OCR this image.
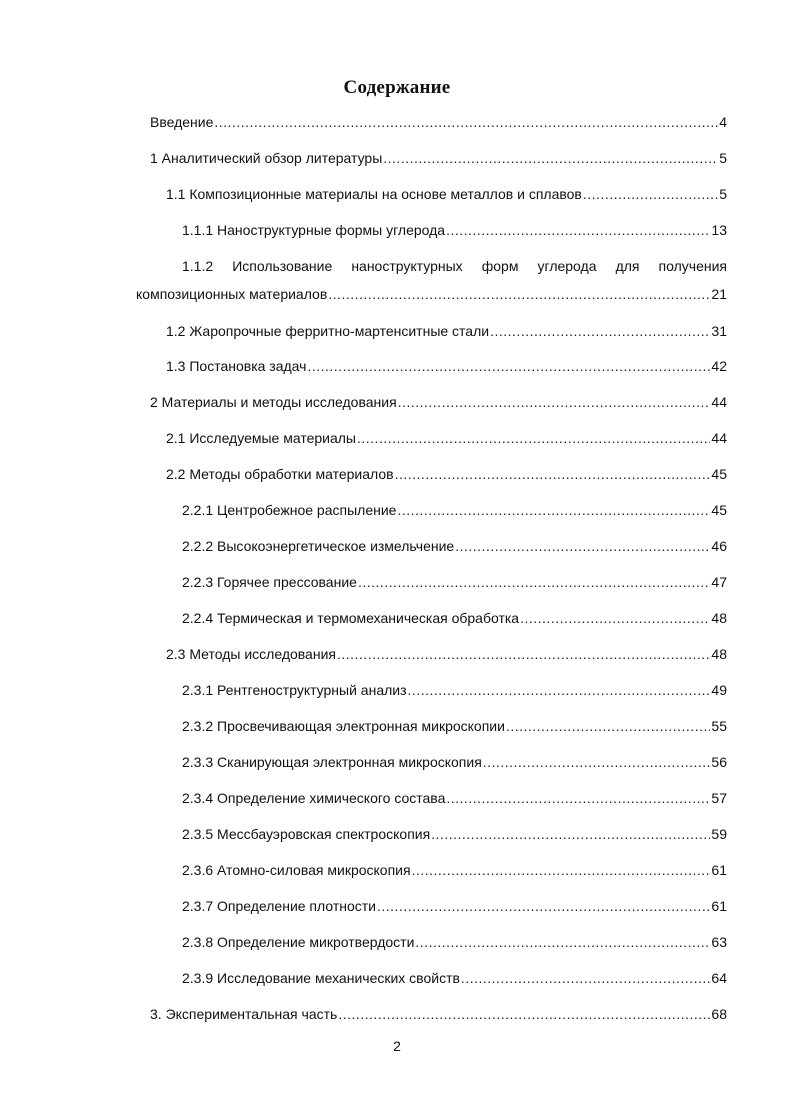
Содержание
Введение .....	4
1 Аналитический обзор литературы .....	5
1.1 Композиционные материалы на основе металлов и сплавов .....	5
1.1.1 Наноструктурные формы углерода .....	13
1.1.2 Использование наноструктурных форм углерода для получения
композиционных материалов .....	21
1.2 Жаропрочные ферритно-мартенситные стали .....	31
1.3 Постановка задач .....	42
2 Материалы и методы исследования .....	44
2.1 Исследуемые материалы .....	44
2.2 Методы обработки материалов .....	45
2.2.1 Центробежное распыление .....	45
2.2.2 Высокоэнергетическое измельчение .....	46
2.2.3 Горячее прессование .....	47
2.2.4 Термическая и термомеханическая обработка .....	48
2.3 Методы исследования .....	48
2.3.1 Рентгеноструктурный анализ .....	49
2.3.2 Просвечивающая электронная микроскопии .....	55
2.3.3 Сканирующая электронная микроскопия .....	56
2.3.4 Определение химического состава .....	57
2.3.5 Мессбауэровская спектроскопия .....	59
2.3.6 Атомно-силовая микроскопия .....	61
2.3.7 Определение плотности .....	61
2.3.8 Определение микротвердости .....	63
2.3.9 Исследование механических свойств .....	64
3. Экспериментальная часть .....	68
2
